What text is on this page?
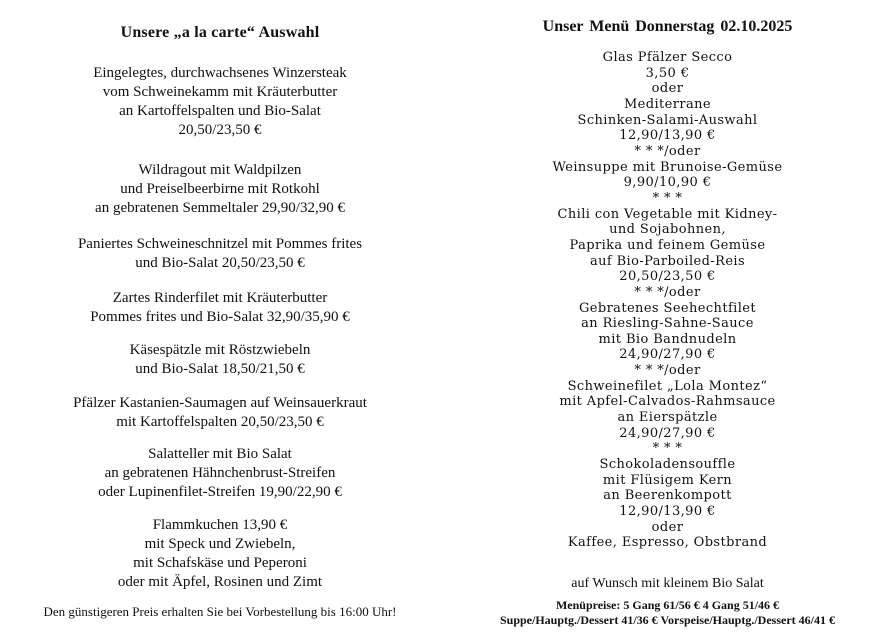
Unsere „a la carte“ Auswahl
Eingelegtes, durchwachsenes Winzersteak
vom Schweinekamm mit Kräuterbutter
an Kartoffelspalten und Bio-Salat
20,50/23,50 €
Wildragout mit Waldpilzen
und Preiselbeerbirne mit Rotkohl
an gebratenen Semmeltaler 29,90/32,90 €
Paniertes Schweineschnitzel mit Pommes frites
und Bio-Salat 20,50/23,50 €
Zartes Rinderfilet mit Kräuterbutter
Pommes frites und Bio-Salat 32,90/35,90 €
Käsespätzle mit Röstzwiebeln
und Bio-Salat 18,50/21,50 €
Pfälzer Kastanien-Saumagen auf Weinsauerkraut
mit Kartoffelspalten 20,50/23,50 €
Salatteller mit Bio Salat
an gebratenen Hähnchenbrust-Streifen
oder Lupinenfilet-Streifen 19,90/22,90 €
Flammkuchen 13,90 €
mit Speck und Zwiebeln,
mit Schafskäse und Peperoni
oder mit Äpfel, Rosinen und Zimt
Den günstigeren Preis erhalten Sie bei Vorbestellung bis 16:00 Uhr!
Unser Menü Donnerstag 02.10.2025
Glas Pfälzer Secco
3,50 €
oder
Mediterrane
Schinken-Salami-Auswahl
12,90/13,90 €
* * */oder
Weinsuppe mit Brunoise-Gemüse
9,90/10,90 €
* * *
Chili con Vegetable mit Kidney-
und Sojabohnen,
Paprika und feinem Gemüse
auf Bio-Parboiled-Reis
20,50/23,50 €
* * */oder
Gebratenes Seehechtfilet
an Riesling-Sahne-Sauce
mit Bio Bandnudeln
24,90/27,90 €
* * */oder
Schweinefilet „Lola Montez“
mit Apfel-Calvados-Rahmsauce
an Eierspätzle
24,90/27,90 €
* * *
Schokoladensouffle
mit Flüsigem Kern
an Beerenkompott
12,90/13,90 €
oder
Kaffee, Espresso, Obstbrand
auf Wunsch mit kleinem Bio Salat
Menüpreise: 5 Gang 61/56 € 4 Gang 51/46 €
Suppe/Hauptg./Dessert 41/36 € Vorspeise/Hauptg./Dessert 46/41 €
